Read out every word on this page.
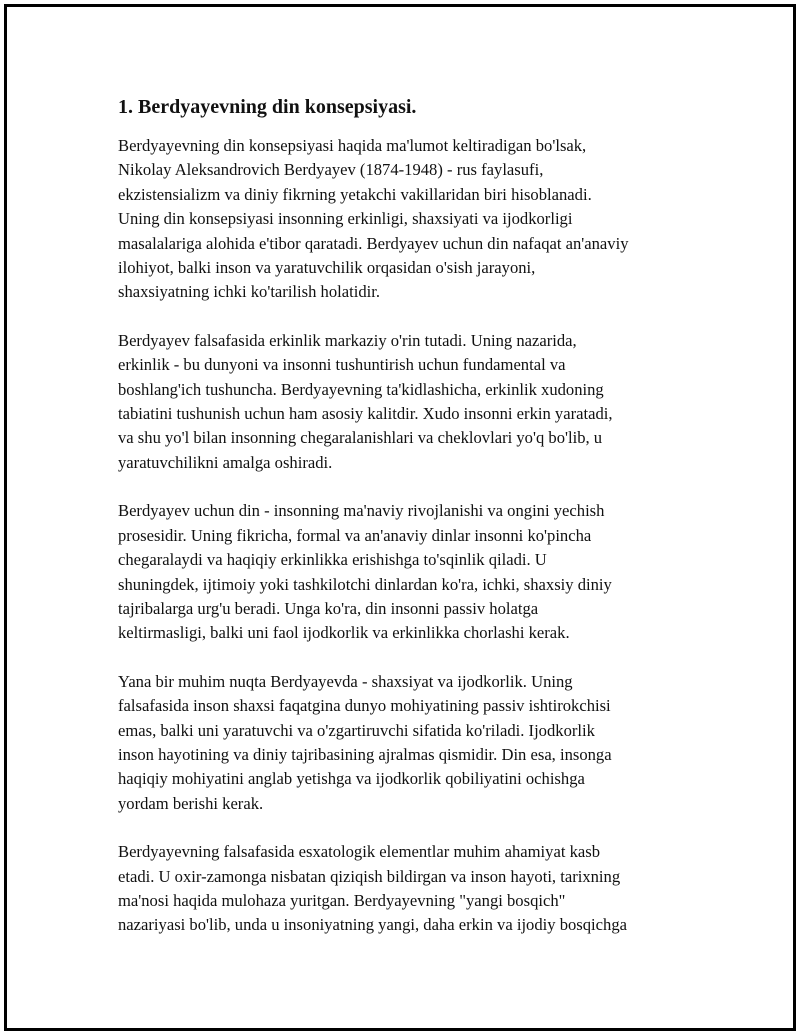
1. Berdyayevning din konsepsiyasi.

Berdyayevning din konsepsiyasi haqida ma'lumot keltiradigan bo'lsak,
Nikolay Aleksandrovich Berdyayev (1874-1948) - rus faylasufi,
ekzistensializm va diniy fikrning yetakchi vakillaridan biri hisoblanadi.
Uning din konsepsiyasi insonning erkinligi, shaxsiyati va ijodkorligi
masalalariga alohida e'tibor qaratadi. Berdyayev uchun din nafaqat an'anaviy
ilohiyot, balki inson va yaratuvchilik orqasidan o'sish jarayoni,
shaxsiyatning ichki ko'tarilish holatidir.

Berdyayev falsafasida erkinlik markaziy o'rin tutadi. Uning nazarida,
erkinlik - bu dunyoni va insonni tushuntirish uchun fundamental va
boshlang'ich tushuncha. Berdyayevning ta'kidlashicha, erkinlik xudoning
tabiatini tushunish uchun ham asosiy kalitdir. Xudo insonni erkin yaratadi,
va shu yo'l bilan insonning chegaralanishlari va cheklovlari yo'q bo'lib, u
yaratuvchilikni amalga oshiradi.

Berdyayev uchun din - insonning ma'naviy rivojlanishi va ongini yechish
prosesidir. Uning fikricha, formal va an'anaviy dinlar insonni ko'pincha
chegaralaydi va haqiqiy erkinlikka erishishga to'sqinlik qiladi. U
shuningdek, ijtimoiy yoki tashkilotchi dinlardan ko'ra, ichki, shaxsiy diniy
tajribalarga urg'u beradi. Unga ko'ra, din insonni passiv holatga
keltirmasligi, balki uni faol ijodkorlik va erkinlikka chorlashi kerak.

Yana bir muhim nuqta Berdyayevda - shaxsiyat va ijodkorlik. Uning
falsafasida inson shaxsi faqatgina dunyo mohiyatining passiv ishtirokchisi
emas, balki uni yaratuvchi va o'zgartiruvchi sifatida ko'riladi. Ijodkorlik
inson hayotining va diniy tajribasining ajralmas qismidir. Din esa, insonga
haqiqiy mohiyatini anglab yetishga va ijodkorlik qobiliyatini ochishga
yordam berishi kerak.

Berdyayevning falsafasida esxatologik elementlar muhim ahamiyat kasb
etadi. U oxir-zamonga nisbatan qiziqish bildirgan va inson hayoti, tarixning
ma'nosi haqida mulohaza yuritgan. Berdyayevning "yangi bosqich"
nazariyasi bo'lib, unda u insoniyatning yangi, daha erkin va ijodiy bosqichga
